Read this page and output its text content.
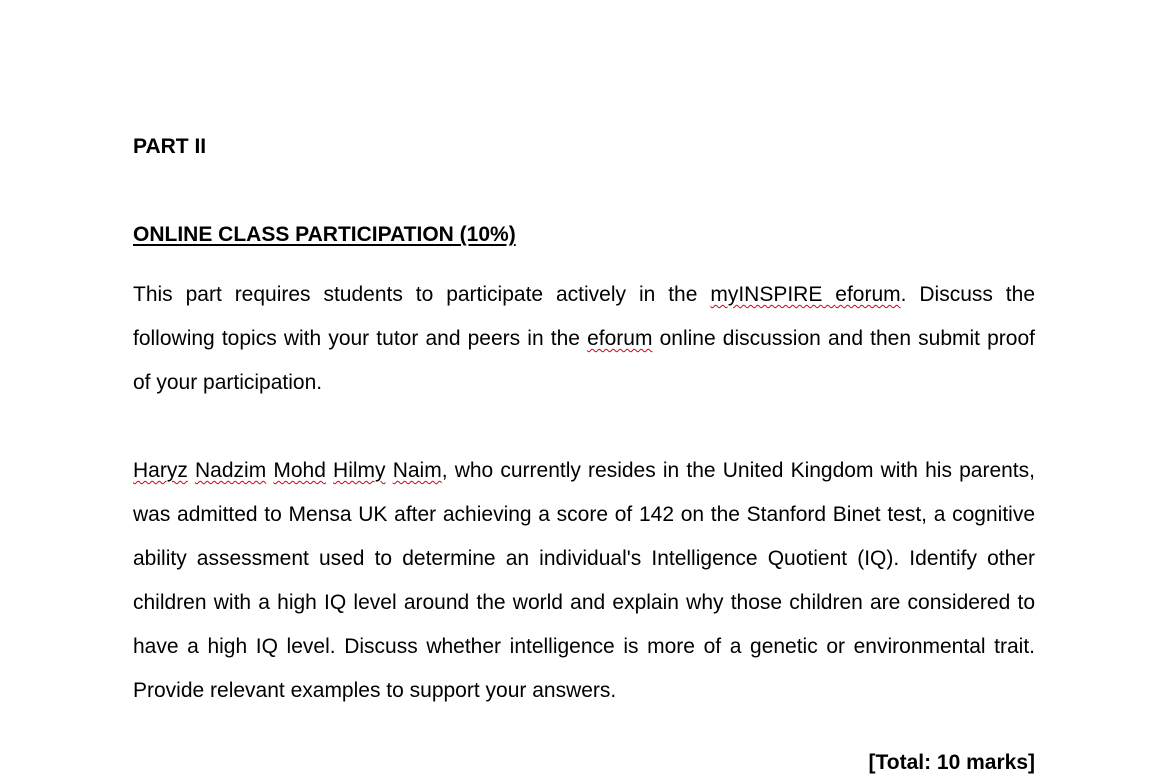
PART II
ONLINE CLASS PARTICIPATION (10%)

This part requires students to participate actively in the myINSPIRE eforum. Discuss the following topics with your tutor and peers in the eforum online discussion and then submit proof of your participation.

Haryz Nadzim Mohd Hilmy Naim, who currently resides in the United Kingdom with his parents, was admitted to Mensa UK after achieving a score of 142 on the Stanford Binet test, a cognitive ability assessment used to determine an individual's Intelligence Quotient (IQ). Identify other children with a high IQ level around the world and explain why those children are considered to have a high IQ level. Discuss whether intelligence is more of a genetic or environmental trait. Provide relevant examples to support your answers.

[Total: 10 marks]
